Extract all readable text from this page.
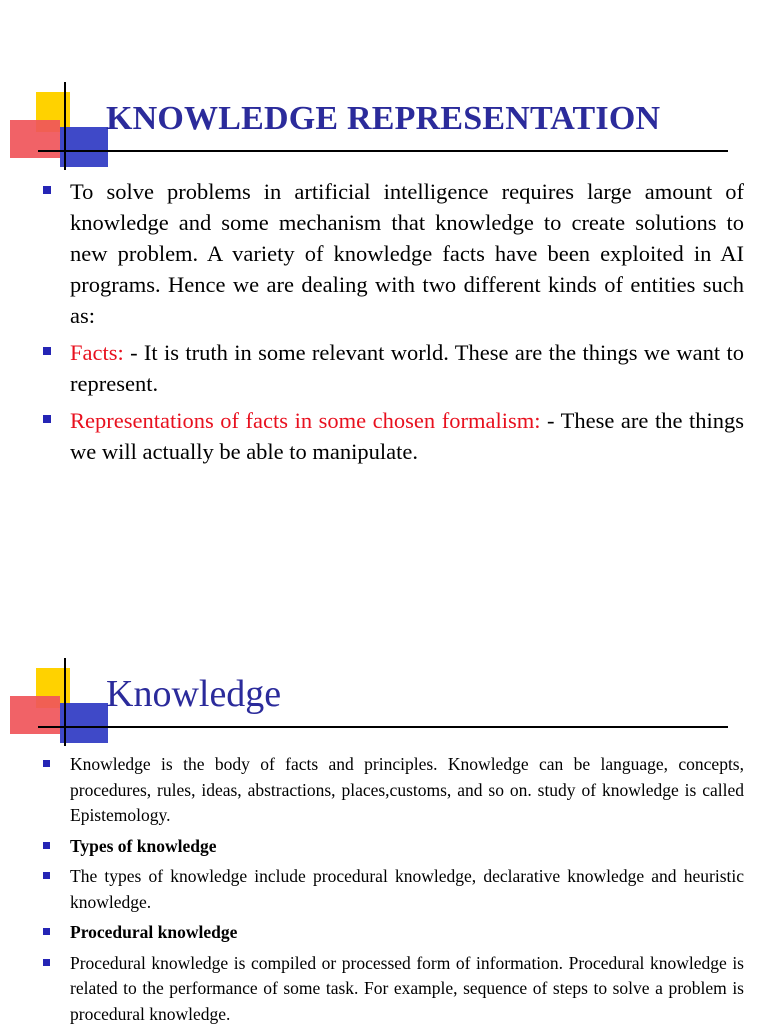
KNOWLEDGE REPRESENTATION
To solve problems in artificial intelligence requires large amount of knowledge and some mechanism that knowledge to create solutions to new problem. A variety of knowledge facts have been exploited in AI programs. Hence we are dealing with two different kinds of entities such as:
Facts: - It is truth in some relevant world. These are the things we want to represent.
Representations of facts in some chosen formalism: - These are the things we will actually be able to manipulate.
Knowledge
Knowledge is the body of facts and principles. Knowledge can be language, concepts, procedures, rules, ideas, abstractions, places,customs, and so on. study of knowledge is called Epistemology.
Types of knowledge
The types of knowledge include procedural knowledge, declarative knowledge and heuristic knowledge.
Procedural knowledge
Procedural knowledge is compiled or processed form of information. Procedural knowledge is related to the performance of some task. For example, sequence of steps to solve a problem is procedural knowledge.
